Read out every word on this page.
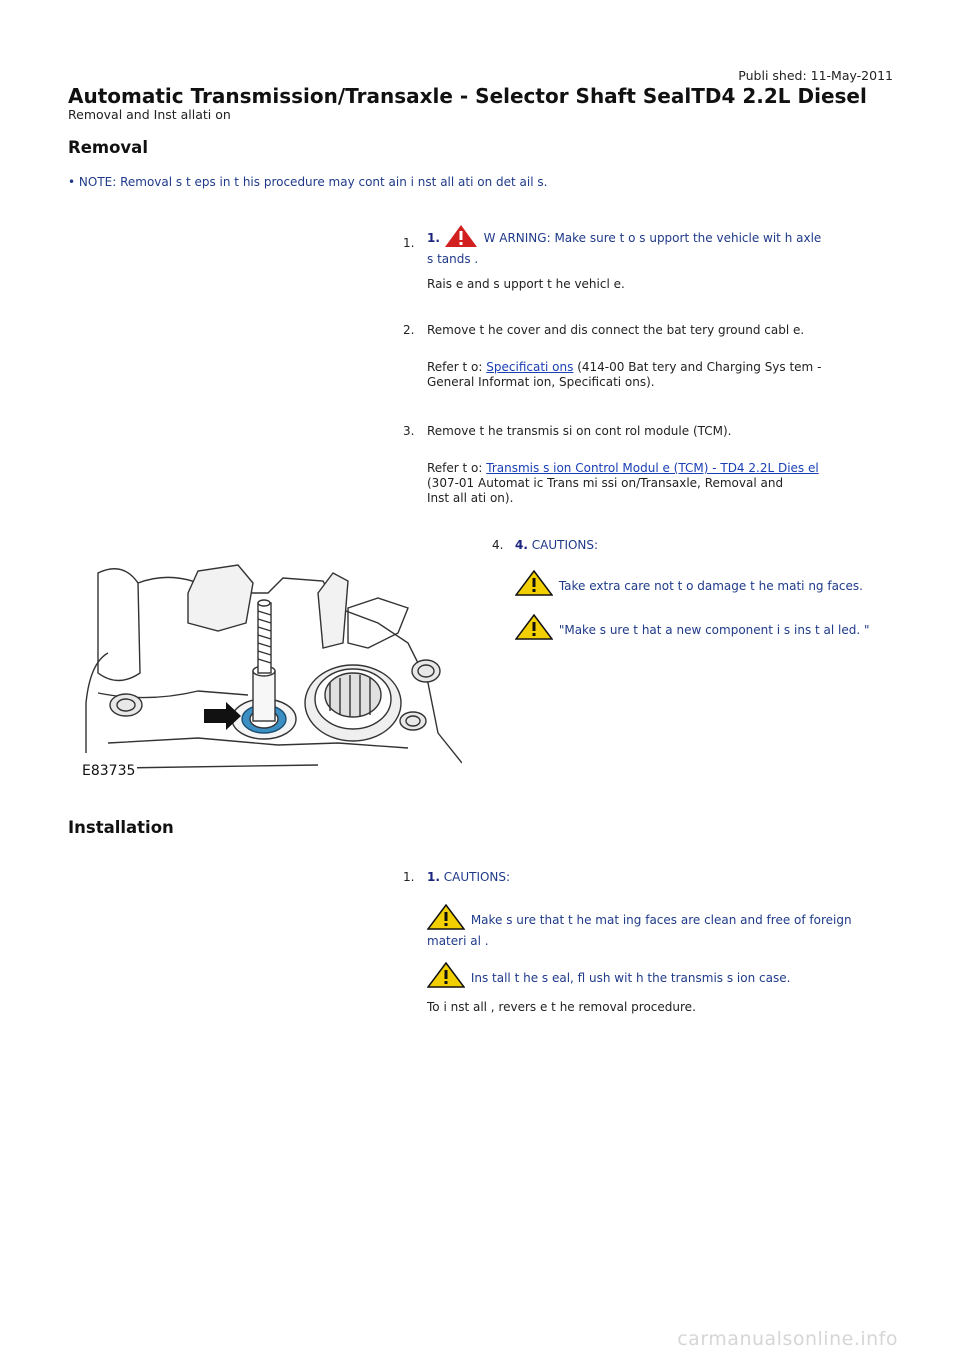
Publi shed: 11-May-2011
Automatic Transmission/Transaxle - Selector Shaft SealTD4 2.2L Diesel
Removal and Inst allati on
Removal
• NOTE: Removal s t eps in t his procedure may cont ain i nst all ati on det ail s.
1. 1.	W ARNING: Make sure t o s upport the vehicle wit h axle
s tands .
Rais e and s upport t he vehicl e.
2. Remove t he cover and dis connect the bat tery ground cabl e.
Refer t o: Specificati ons (414-00 Bat tery and Charging Sys tem -
General Informat ion, Specificati ons).
3. Remove t he transmis si on cont rol module (TCM).
Refer t o: Transmis s ion Control Modul e (TCM) - TD4 2.2L Dies el
(307-01 Automat ic Trans mi ssi on/Transaxle, Removal and
Inst all ati on).
4. 4. CAUTIONS:
Take extra care not t o damage t he mati ng faces.
"Make s ure t hat a new component i s ins t al led. "
E83735
Installation
1. 1. CAUTIONS:
Make s ure that t he mat ing faces are clean and free of foreign
materi al .
Ins tall t he s eal, fl ush wit h the transmis s ion case.
To i nst all , revers e t he removal procedure.
carmanualsonline.info
